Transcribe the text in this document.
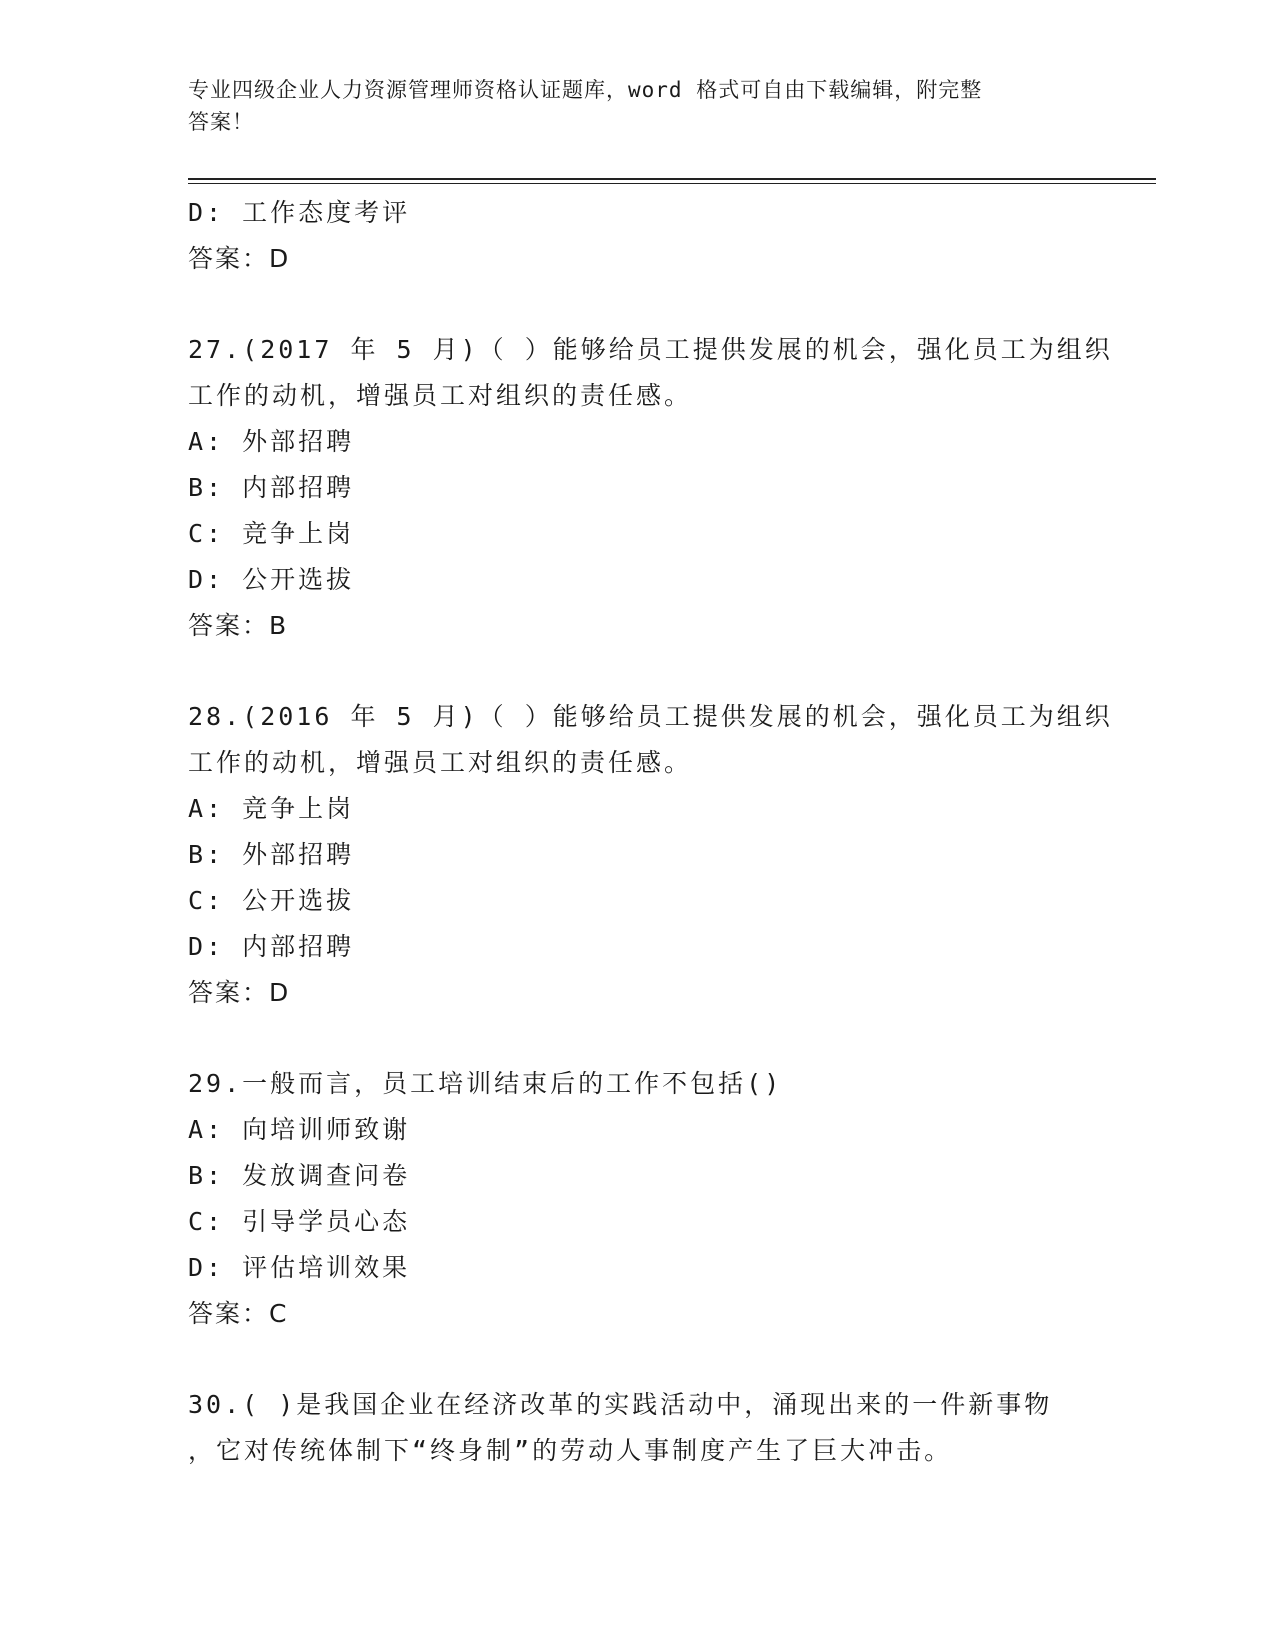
专业四级企业人力资源管理师资格认证题库，word 格式可自由下载编辑，附完整
答案！
D: 工作态度考评
答案：D
27.(2017 年 5 月)（ ）能够给员工提供发展的机会，强化员工为组织
工作的动机，增强员工对组织的责任感。
A: 外部招聘
B: 内部招聘
C: 竞争上岗
D: 公开选拔
答案：B
28.(2016 年 5 月)（ ）能够给员工提供发展的机会，强化员工为组织
工作的动机，增强员工对组织的责任感。
A: 竞争上岗
B: 外部招聘
C: 公开选拔
D: 内部招聘
答案：D
29.一般而言，员工培训结束后的工作不包括()
A: 向培训师致谢
B: 发放调查问卷
C: 引导学员心态
D: 评估培训效果
答案：C
30.( )是我国企业在经济改革的实践活动中，涌现出来的一件新事物
，它对传统体制下“终身制”的劳动人事制度产生了巨大冲击。
